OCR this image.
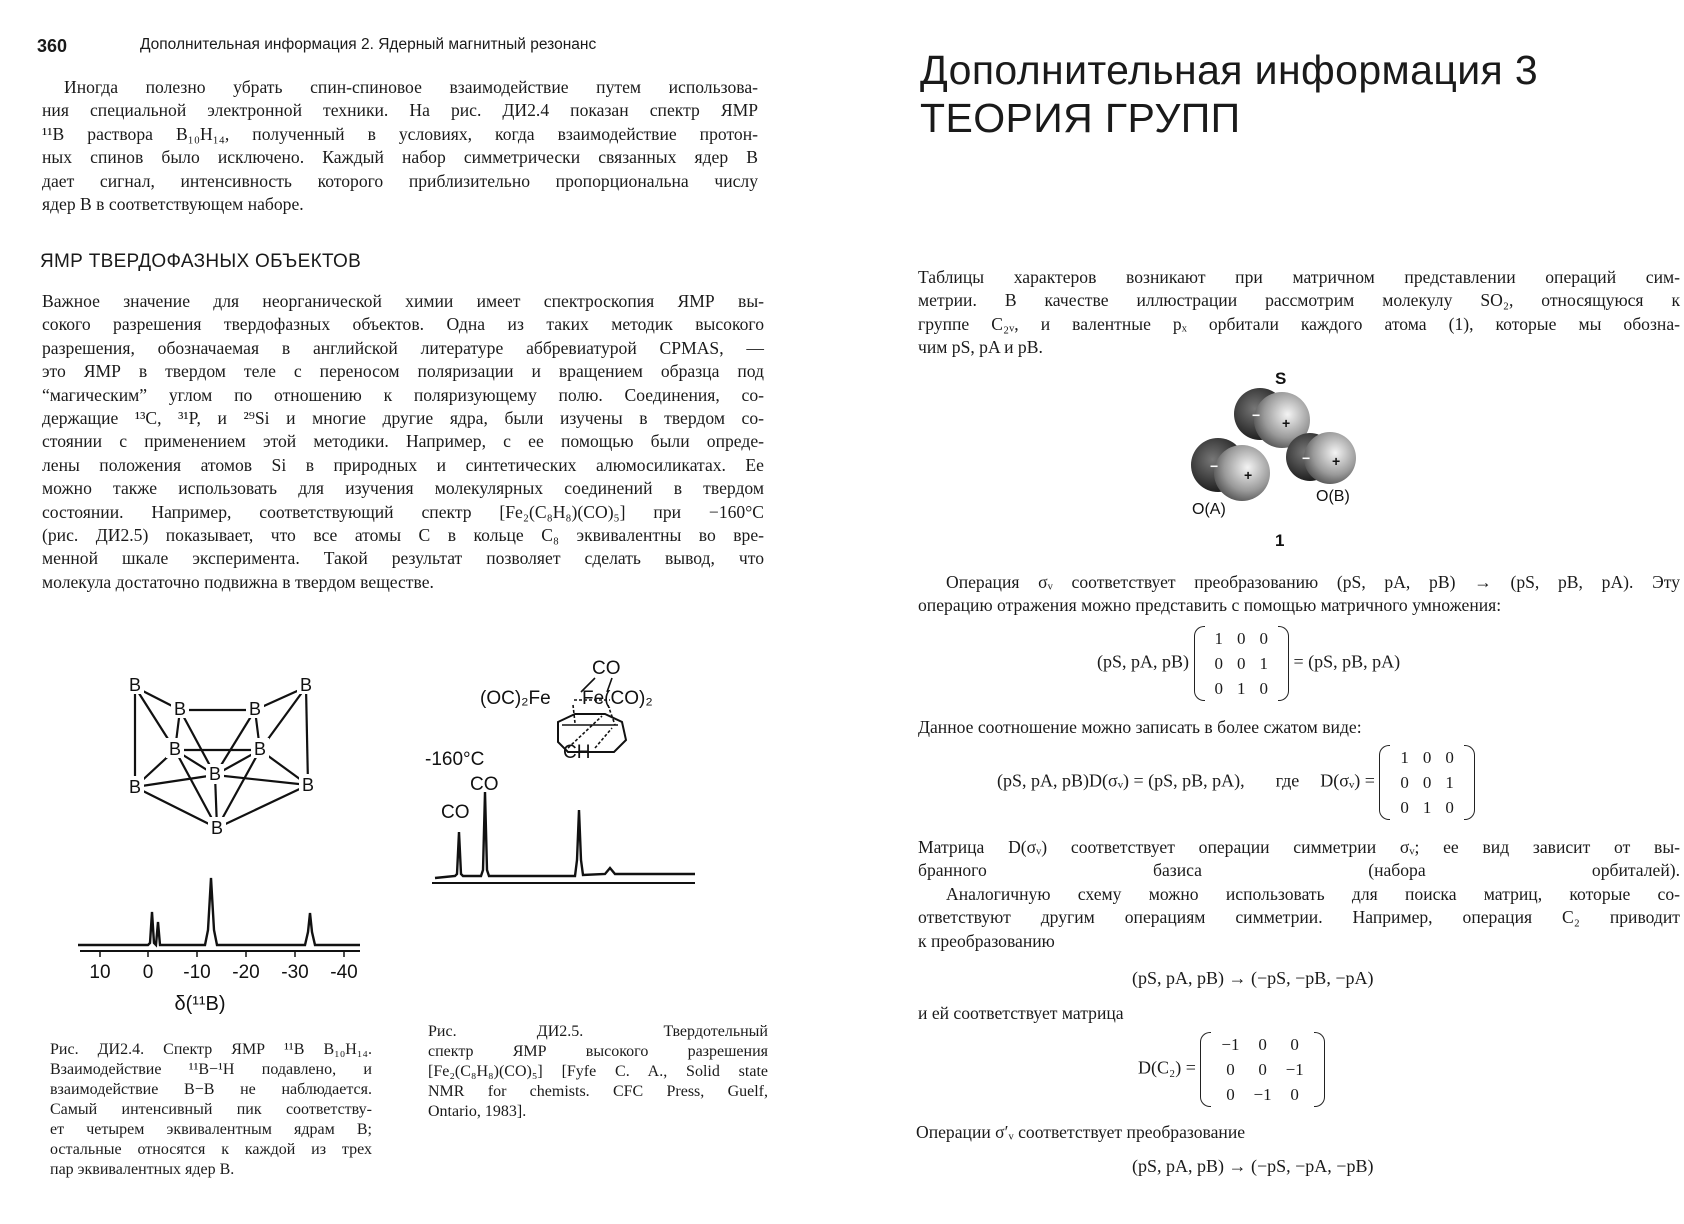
360	Дополнительная информация 2. Ядерный магнитный резонанс
Иногда полезно убрать спин-спиновое взаимодействие путем использова-
ния специальной электронной техники. На рис. ДИ2.4 показан спектр ЯМР
¹¹B раствора B₁₀H₁₄, полученный в условиях, когда взаимодействие протон-
ных спинов было исключено. Каждый набор симметрически связанных ядер B
дает сигнал, интенсивность которого приблизительно пропорциональна числу
ядер B в соответствующем наборе.
ЯМР ТВЕРДОФАЗНЫХ ОБЪЕКТОВ
Важное значение для неорганической химии имеет спектроскопия ЯМР вы-
сокого разрешения твердофазных объектов. Одна из таких методик высокого
разрешения, обозначаемая в английской литературе аббревиатурой CPMAS, —
это ЯМР в твердом теле с переносом поляризации и вращением образца под
“магическим” углом по отношению к поляризующему полю. Соединения, со-
держащие ¹³C, ³¹P, и ²⁹Si и многие другие ядра, были изучены в твердом со-
стоянии с применением этой методики. Например, с ее помощью были опреде-
лены положения атомов Si в природных и синтетических алюмосиликатах. Ее
можно также использовать для изучения молекулярных соединений в твердом
состоянии. Например, соответствующий спектр [Fe₂(C₈H₈)(CO)₅] при −160°C
(рис. ДИ2.5) показывает, что все атомы C в кольце C₈ эквивалентны во вре-
менной шкале эксперимента. Такой результат позволяет сделать вывод, что
молекула достаточно подвижна в твердом веществе.
B
B	B
B
B	B
B
B	B
B
10 0 -10 -20 -30 -40
δ(¹¹B)
Рис. ДИ2.4. Спектр ЯМР ¹¹B B₁₀H₁₄.
Взаимодействие ¹¹B−¹H подавлено, и
взаимодействие B−B не наблюдается.
Самый интенсивный пик соответству-
ет четырем эквивалентным ядрам B;
остальные относятся к каждой из трех
пар эквивалентных ядер B.
CO
(OC)₂Fe Fe(CO)₂
CO
-160°C	CH
CO
Рис. ДИ2.5. Твердотельный
спектр ЯМР высокого разрешения
[Fe₂(C₈H₈)(CO)₅] [Fyfe C. A., Solid state
NMR for chemists. CFC Press, Guelf,
Ontario, 1983].
Дополнительная информация 3
ТЕОРИЯ ГРУПП
Таблицы характеров возникают при матричном представлении операций сим-
метрии. В качестве иллюстрации рассмотрим молекулу SO₂, относящуюся к
группе C₂ᵥ, и валентные pₓ орбитали каждого атома (1), которые мы обозна-
чим pS, pA и pB.
S
−
−	−
+
+
+
O(A)
O(B)
1
Операция σᵥ соответствует преобразованию (pS, pA, pB) → (pS, pB, pA). Эту
операцию отражения можно представить с помощью матричного умножения:
(pS, pA, pB)
1	0	0
0	0	1
0	1	0
= (pS, pB, pA)
Данное соотношение можно записать в более сжатом виде:
(pS, pA, pB)D(σᵥ) = (pS, pB, pA), где D(σᵥ) =
1	0	0
0	0	1
0	1	0
Матрица D(σᵥ) соответствует операции симметрии σᵥ; ее вид зависит от вы-
бранного базиса (набора орбиталей).
Аналогичную схему можно использовать для поиска матриц, которые со-
ответствуют другим операциям симметрии. Например, операция C₂ приводит
к преобразованию
(pS, pA, pB) → (−pS, −pB, −pA)
и ей соответствует матрица
D(C₂) =
−1	0	0
0	0	−1
0	−1	0
Операции σ′ᵥ соответствует преобразование
(pS, pA, pB) → (−pS, −pA, −pB)
